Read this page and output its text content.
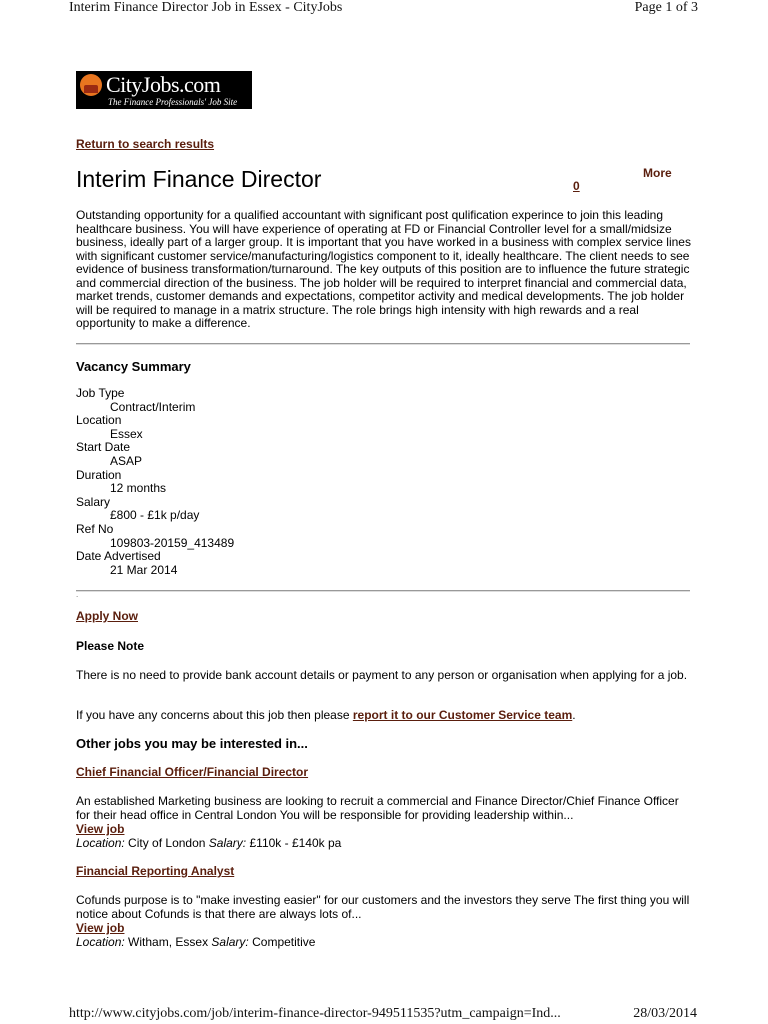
Interim Finance Director Job in Essex - CityJobs	Page 1 of 3
CityJobs.com
The Finance Professionals' Job Site
Return to search results
Interim Finance Director	More
0

Outstanding opportunity for a qualified accountant with significant post qulification experince to join this leading healthcare business. You will have experience of operating at FD or Financial Controller level for a small/midsize business, ideally part of a larger group. It is important that you have worked in a business with complex service lines with significant customer service/manufacturing/logistics component to it, ideally healthcare. The client needs to see evidence of business transformation/turnaround. The key outputs of this position are to influence the future strategic and commercial direction of the business. The job holder will be required to interpret financial and commercial data, market trends, customer demands and expectations, competitor activity and medical developments. The job holder will be required to manage in a matrix structure. The role brings high intensity with high rewards and a real opportunity to make a difference.

Vacancy Summary
Job Type
Contract/Interim
Location
Essex
Start Date
ASAP
Duration
12 months
Salary
£800 - £1k p/day
Ref No
109803-20159_413489
Date Advertised
21 Mar 2014
.
Apply Now
Please Note

There is no need to provide bank account details or payment to any person or organisation when applying for a job.

If you have any concerns about this job then please report it to our Customer Service team.

Other jobs you may be interested in...
Chief Financial Officer/Financial Director

An established Marketing business are looking to recruit a commercial and Finance Director/Chief Finance Officer for their head office in Central London You will be responsible for providing leadership within...

View job
Location: City of London Salary: £110k - £140k pa
Financial Reporting Analyst

Cofunds purpose is to "make investing easier" for our customers and the investors they serve The first thing you will notice about Cofunds is that there are always lots of...

View job
Location: Witham, Essex Salary: Competitive
http://www.cityjobs.com/job/interim-finance-director-949511535?utm_campaign=Ind...	28/03/2014
